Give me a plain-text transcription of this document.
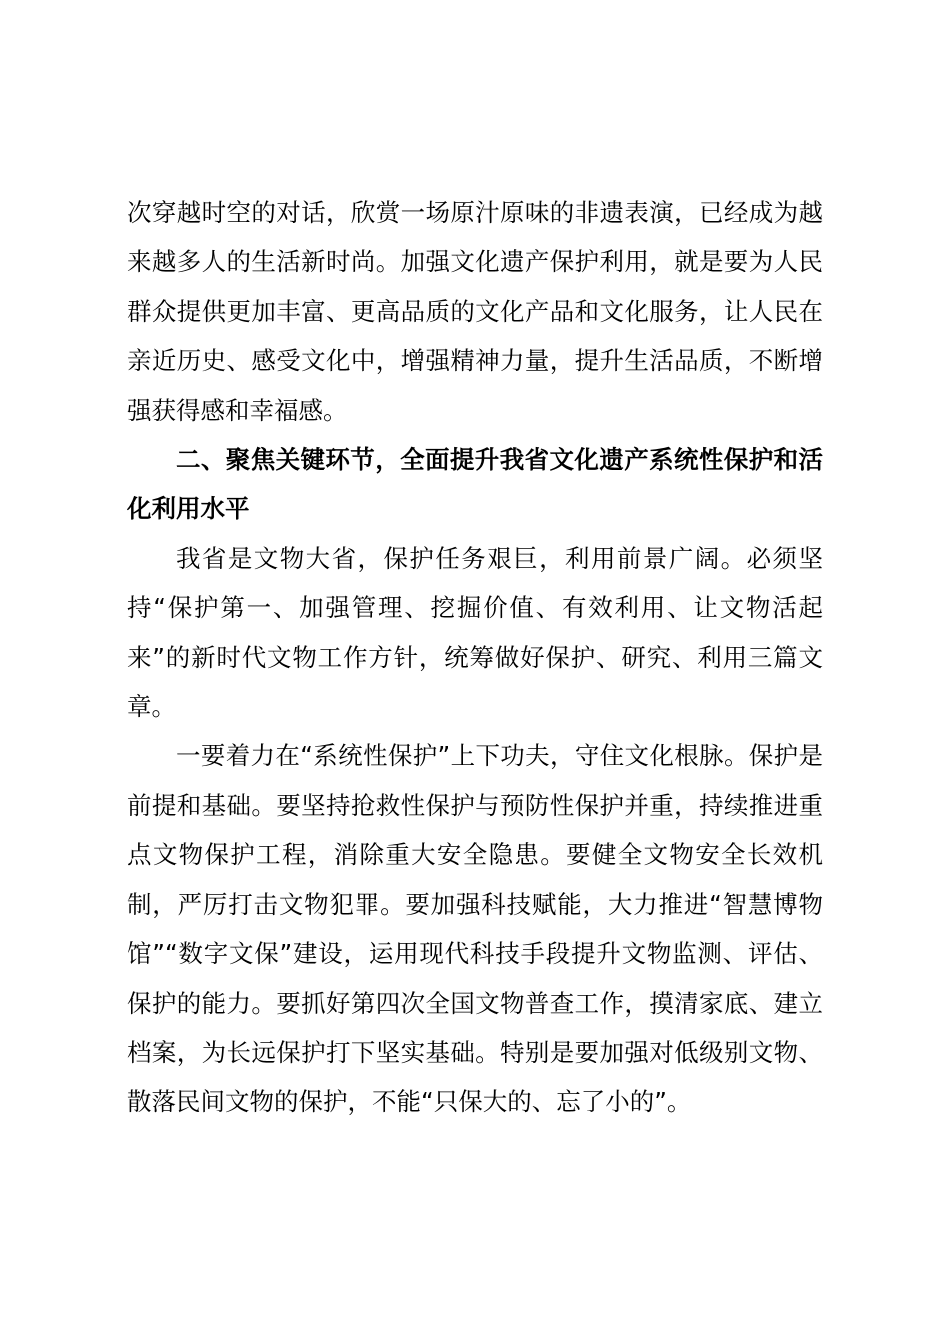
次穿越时空的对话，欣赏一场原汁原味的非遗表演，已经成为越来越多人的生活新时尚。加强文化遗产保护利用，就是要为人民群众提供更加丰富、更高品质的文化产品和文化服务，让人民在亲近历史、感受文化中，增强精神力量，提升生活品质，不断增强获得感和幸福感。

二、聚焦关键环节，全面提升我省文化遗产系统性保护和活化利用水平

我省是文物大省，保护任务艰巨，利用前景广阔。必须坚持“保护第一、加强管理、挖掘价值、有效利用、让文物活起来”的新时代文物工作方针，统筹做好保护、研究、利用三篇文章。

一要着力在“系统性保护”上下功夫，守住文化根脉。保护是前提和基础。要坚持抢救性保护与预防性保护并重，持续推进重点文物保护工程，消除重大安全隐患。要健全文物安全长效机制，严厉打击文物犯罪。要加强科技赋能，大力推进“智慧博物馆”“数字文保”建设，运用现代科技手段提升文物监测、评估、保护的能力。要抓好第四次全国文物普查工作，摸清家底、建立档案，为长远保护打下坚实基础。特别是要加强对低级别文物、散落民间文物的保护，不能“只保大的、忘了小的”。
